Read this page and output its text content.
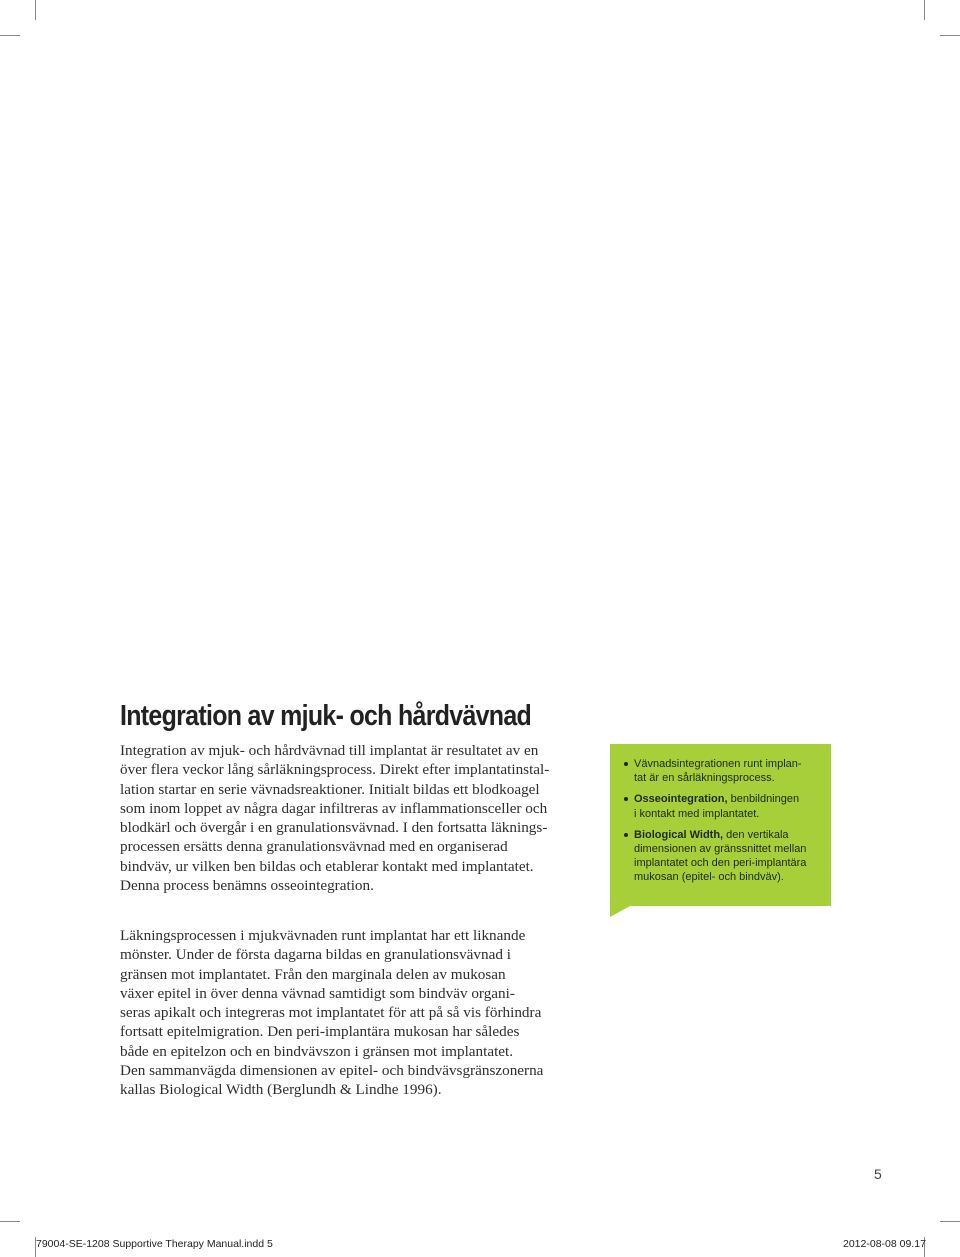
Integration av mjuk- och hårdvävnad

Integration av mjuk- och hårdvävnad till implantat är resultatet av en
över flera veckor lång sårläkningsprocess. Direkt efter implantatinstal-
lation startar en serie vävnadsreaktioner. Initialt bildas ett blodkoagel
som inom loppet av några dagar infiltreras av inflammationsceller och
blodkärl och övergår i en granulationsvävnad. I den fortsatta läknings-
processen ersätts denna granulationsvävnad med en organiserad
bindväv, ur vilken ben bildas och etablerar kontakt med implantatet.
Denna process benämns osseointegration.

Läkningsprocessen i mjukvävnaden runt implantat har ett liknande
mönster. Under de första dagarna bildas en granulationsvävnad i
gränsen mot implantatet. Från den marginala delen av mukosan
växer epitel in över denna vävnad samtidigt som bindväv organi-
seras apikalt och integreras mot implantatet för att på så vis förhindra
fortsatt epitelmigration. Den peri-implantära mukosan har således
både en epitelzon och en bindvävszon i gränsen mot implantatet.
Den sammanvägda dimensionen av epitel- och bindvävsgränszonerna
kallas Biological Width (Berglundh & Lindhe 1996).

Vävnadsintegrationen runt implan-
tat är en sårläkningsprocess.
Osseointegration, benbildningen
i kontakt med implantatet.
Biological Width, den vertikala
dimensionen av gränssnittet mellan
implantatet och den peri-implantära
mukosan (epitel- och bindväv).
5
79004-SE-1208 Supportive Therapy Manual.indd 5	2012-08-08 09.17
